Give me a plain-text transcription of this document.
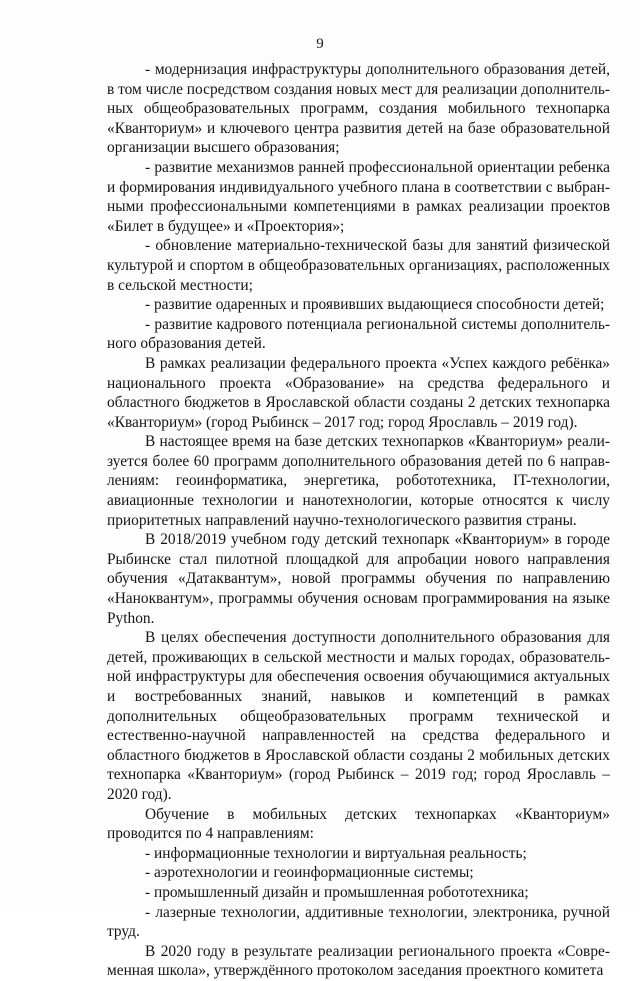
9

- модернизация инфраструктуры дополнительного образования детей, в том числе посредством создания новых мест для реализации дополнительных общеобразовательных программ, создания мобильного технопарка «Кванториум» и ключевого центра развития детей на базе образовательной организации высшего образования;

- развитие механизмов ранней профессиональной ориентации ребенка и формирования индивидуального учебного плана в соответствии с выбранными профессиональными компетенциями в рамках реализации проектов «Билет в будущее» и «Проектория»;

- обновление материально-технической базы для занятий физической культурой и спортом в общеобразовательных организациях, расположенных в сельской местности;

- развитие одаренных и проявивших выдающиеся способности детей;

- развитие кадрового потенциала региональной системы дополнительного образования детей.

В рамках реализации федерального проекта «Успех каждого ребёнка» национального проекта «Образование» на средства федерального и областного бюджетов в Ярославской области созданы 2 детских технопарка «Кванториум» (город Рыбинск – 2017 год; город Ярославль – 2019 год).

В настоящее время на базе детских технопарков «Кванториум» реализуется более 60 программ дополнительного образования детей по 6 направлениям: геоинформатика, энергетика, робототехника, IT-технологии, авиационные технологии и нанотехнологии, которые относятся к числу приоритетных направлений научно-технологического развития страны.

В 2018/2019 учебном году детский технопарк «Кванториум» в городе Рыбинске стал пилотной площадкой для апробации нового направления обучения «Датаквантум», новой программы обучения по направлению «Наноквантум», программы обучения основам программирования на языке Python.

В целях обеспечения доступности дополнительного образования для детей, проживающих в сельской местности и малых городах, образовательной инфраструктуры для обеспечения освоения обучающимися актуальных и востребованных знаний, навыков и компетенций в рамках дополнительных общеобразовательных программ технической и естественно-научной направленностей на средства федерального и областного бюджетов в Ярославской области созданы 2 мобильных детских технопарка «Кванториум» (город Рыбинск – 2019 год; город Ярославль – 2020 год).

Обучение в мобильных детских технопарках «Кванториум» проводится по 4 направлениям:

- информационные технологии и виртуальная реальность;

- аэротехнологии и геоинформационные системы;

- промышленный дизайн и промышленная робототехника;

- лазерные технологии, аддитивные технологии, электроника, ручной труд.

В 2020 году в результате реализации регионального проекта «Современная школа», утверждённого протоколом заседания проектного комитета
